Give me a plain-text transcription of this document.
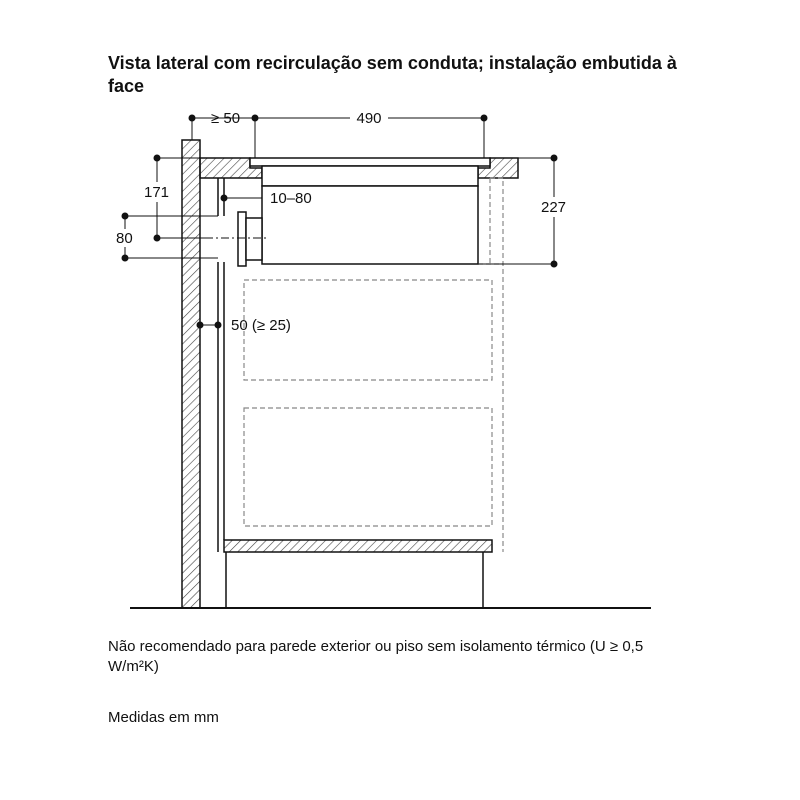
Vista lateral com recirculação sem conduta; instalação embutida à face
≥ 50	490
171
80
10–80
227
50 (≥ 25)

Não recomendado para parede exterior ou piso sem isolamento térmico (U ≥ 0,5 W/m²K)

Medidas em mm
